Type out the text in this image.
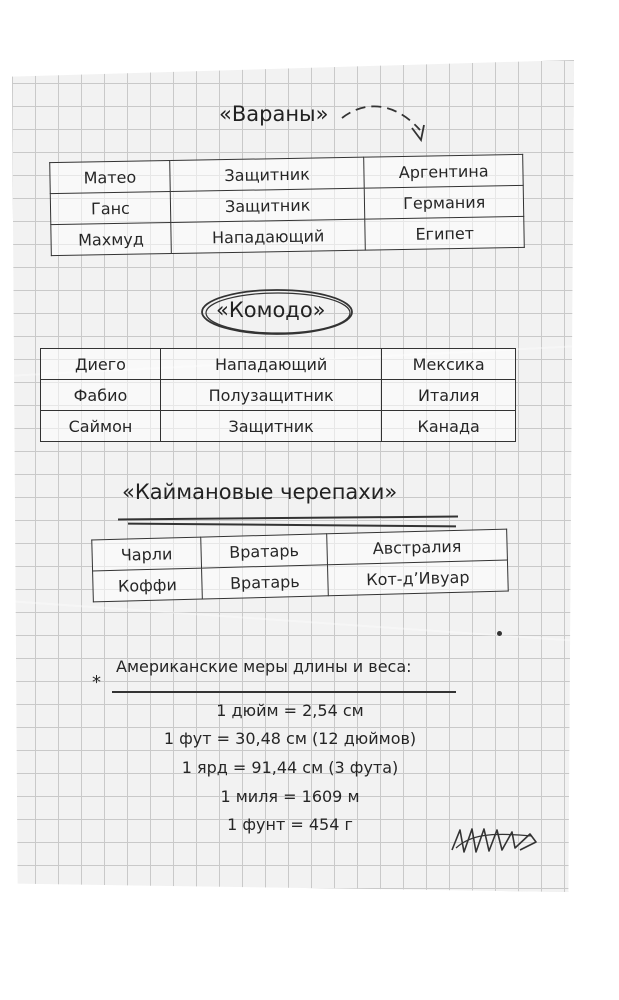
«Вараны»
Матео	Защитник	Аргентина
Ганс	Защитник	Германия
Махмуд	Нападающий	Египет
«Комодо»
Диего	Нападающий	Мексика
Фабио	Полузащитник	Италия
Саймон	Защитник	Канада
«Каймановые черепахи»
Чарли	Вратарь	Австралия
Коффи	Вратарь	Кот-д’Ивуар
*
Американские меры длины и веса:
1 дюйм = 2,54 см
1 фут = 30,48 см (12 дюймов)
1 ярд = 91,44 см (3 фута)
1 миля = 1609 м
1 фунт = 454 г
